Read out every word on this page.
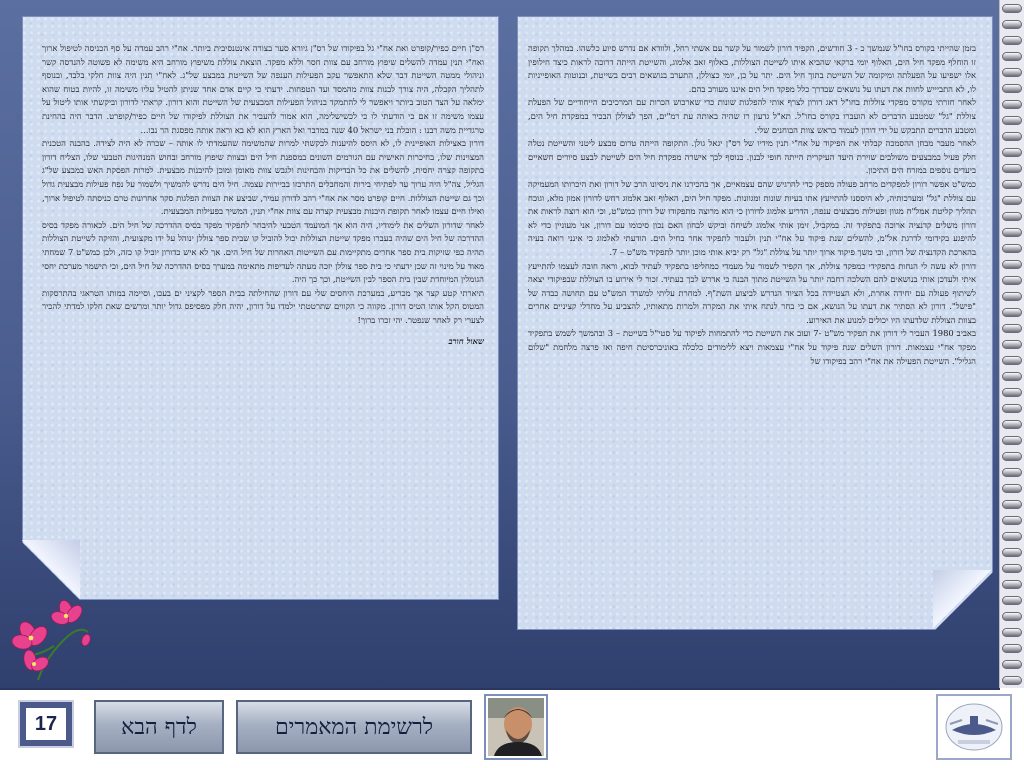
רס"ן חיים כפיר/קופרט ואת אח"י גל בפיקודו של רס"ן גיורא סער בצורה אינטנסיבית ביותר. אח"י רהב עמדה על סף הכניסה לטיפול ארוך ואח"י תנין עמדה להשלים שיפוץ מורחב עם צוות חסר וללא מפקד. הוצאת צוללת משיפוץ מורחב היא משימה לא פשוטה להנדסה קשר וניהולי ממטה השייטת דבר שלא התאפשר עקב הפעילות הענפה של השייטת במבצע של"ג. לאח"י תנין היה צוות חלקי בלבד, ובנוסף לתהליך הקבלה, היה צורך לבנות צוות מהמסד ועד הטפחות. ידעתי כי קיים אדם אחד שניתן להטיל עליו משימה זו, להיות בטוח שהוא ימלאה על הצד הטוב ביותר ויאפשר לי להתמקד בניהול הפעילות המבצעית של השייטת והוא דורון. קראתי לדורון וביקשתי אותו ליטול על עצמו משימה זו אם כי הודעתי לו כי לכשישלימה, הוא אמור להעביר את הצוללת לפיקודו של חיים כפיר/קופרט. הדבר היה בהחינת טרגדיית משה רבנו : הובלת בני ישראל 40 שנה במדבר ואל הארץ הוא לא בא וראה אותה מפסגת הר נבו...

דורון באצילות האופיינית לו, לא היסס להיענות לבקשתי למרות שהמשימה שהעמדתי לו אותה – שכרה לא היה לצידה. בהבנה הטכנית המצוינות שלו, בחיכרות האישית עם הגורמים השונים במספנת חיל הים ובצוות שיפוץ מורחב ובחוש המנהיגות הטבעי שלו, הצליח דורון בתקופה קצרה יחסית, להשלים את כל הבדיקות והבחינות ולגבש צוות מאומן ומוכן להיבנות מבצעית. למרות הפסקת האש במבצע של"ג הגליל, צה"ל היה ערוך עד לפתיחי בירות והמחבלים התרכזו בביירות עצמה. חיל הים נדרש להמשיך ולשמור על נפח פעילות מבצעית גדול וכך גם שייטת הצוללות. חיים קופרט מסר את אח"י רהב לדורון עמיר, שביצע את הצוות הפלגות סקר אחרונות טרם כניסתה לטיפול ארוך, ואילו חיים עצמו לאחר תקופת היבנות מבצעית קצרה עם צוות אח"י תנין, המשיך בפעילות המבצעית.

לאחר שדורון השלים את לימודיו, היה הוא אך המועמד הטבעי להיבחר לתפקיד מפקד בסיס ההדרכה של חיל הים. לכאורה מפקד בסיס ההדרכה של חיל הים שהיה בעברו מפקד שייטת הצוללות יכול להוביל קו שבית ספר צוללן ינוהל על ידו מקצועית, והזיקה לשייטת הצוללות תהיה כפי שזיקות בית ספר אחרים מתקיימות עם השייטות האחרות של חיל הים. אך לא איש כדורון יוביל קו כזה, ולכן כמש"ט 7 שמחתי מאוד על מינוי זה שכן ידעתי כי בית ספר צוללן יזכה מעתה לעדיפות מתאימה במערך בסיס ההדרכה של חיל הים, וכי תישמר מערכת יחסי הגומלין המיוחדת שבין בית הספר לבין השייטת, וכך כך היה.

תיארתי קטע קצר אך מכריע, במערכת היחסים שלי עם דורון שהחילתה בבית הספר לקציני ים בעכו, וסיימה במותו הטראגי בהתרסקות המטוס הקל אותו הטיס דורון. מקווה כי הקווים שתרטטתי ילמדו על דורון, יהיה חלק מפסיפס גדול יותר ומרשים שאת חלקו למדתי להכיר לצערי רק לאחר שנפטר. יהי זכרו ברוך!

שאול חורב

בזמן שהייתי בקורס בחו"ל שנמשך כ - 3 חודשים, הקפיד דורון לשמור על קשר עם אשתי רחל, ולוודא אם נדרש סיוע כלשהו. במהלך תקופה זו הוחלף מפקד חיל הים, האלוף יומי ברקאי שהביא איתו לשייטת הצוללות, באלוף זאב אלמוג, והשייטת הייתה דרוכה לראות כיצד חילופין אלו ישפיעו על הפעלתה ומיקומה של השייטת בתוך חיל הים. יתר על כן, יומי כצוללן, התערב בנושאים רבים בשייטת, ובנוטות האופייניות לו, לא התביייש לחוות את דעתו על נושאים שבדרך כלל מפקד חיל הים איננו מעורב בהם.

לאחר חזרתי מקורס מפקדי צוללות בחו"ל דאג דורון לצרף אותי להפלגות שונות כדי שארכוש הכרות עם המרכיבים הייחודיים של הפעלת צוללת "גל" שמטבע הדברים לא הועברו בקורס בחו"ל. תא"ל גדעון רז שהיה באותה עת רמ"ים, הפך לצוללן הבכיר במפקדת חיל הים, ומטבע הדברים התבקש על ידי דורון לעמוד בראש צוות הבוחנים שלי.

לאחר מעבר מבחן ההסמכה קבלתי את הפיקוד על אח"י תנין מידיו של רס"ן יגאל גולן. התקופה הייתה טרום מבצע ליטני והשייטת נטלה חלק פעיל במבצעים משולבים שזירת היעד העיקרית הייתה חופי לבנון. בנוסף לכך אישרה מפקדת חיל הים לשייטת לבצע סיורים חשאיים ביעדים נוספים במזרח הים התיכון.

כמש"ט אפשר דורון למפקדים מרחב פעולה מספק כדי להרגיש שהם עצמאיים, אך בהכירנו את ניסיונו הרב של דורון ואת היכרותו המעמיקה עם צוללת "גל" ומערכותיה, לא היססנו להתייעץ אתו בעיות שונות ומגוונות. מפקד חיל הים, האלוף זאב אלמוג רחש לדורון אמון מלא, וגוכח תהליך קליטת אמל"ח מגוון ופעילות מבצעים ענפה, הדריע אלמוג לדורון כי הוא מרוצה מתפקודו של דורון כמש"ט, וכי הוא רוצה לראות את דורון משלים קדנציה ארוכה בתפקיד זה. במקביל, זימן אותי אלמוג לשיחה וביקש לבחון האם נכון סיכומו עם דורון, אני מעוניין כדי לא להיפגע בקידומי לדרגת אל"מ, להשלים שנת פיקוד על אח"י תנין ולעבור לתפקיד אחר בחיל הים. הודעתי לאלמוג כי אינני רואה בעיה בהארכת הקדנציה של דורון, וכי משך פיקוד ארוך יותר על צוללת "גל" רק יביא אותי מוכן יותר לתפקיד מש"ט – 7.

דורון לא עשה לי הנחות בתפקידי כמפקד צוללת, אך הקפיד לשמור על מעמדי כמחליפו בתפקיד לעתיד לבוא, וראה חובה לעצמו להתייעץ איתי ולעדכן אותי בנושאים להם השלכה רחבה יותר על השייטת מתוך הבנה כי אדרש לכך בעתיד. זכור לי אירוע בו הצוללת שבפיקודי יצאה לשיתוף פעולה עם יחידה אחרת, ולא הצטיידה בכל הציוד הנדרש לביצוע השת"ף. למחרת עליתי למשרד המש"ט עם תחושה כבדה של "פישל". דורון לא הסתיר את דעתו על הנושא, אם כי בחר לנתח איתי את המקרה ולמרות מתאותיו, להצביע על מחדלי קציניים אחרים בצוות הצוללת שלדעתו היו יכולים למנוע את האירוע.

באביב 1980 העביר לי דורון את תפקיד מש"ט -7 ועזב את השייטת כדי להתמחות לפיקוד על סטי"ל בשייטת – 3 ובהמשך לשמש בתפקיד מפקד אח"י עצמאות. דורון השלים שנת פיקוד על אח"י עצמאות ויצא ללימודים כלכלה באוניברסיטת חיפה ואז פרצה מלחמת "שלום הגליל". השייטת הפעילה את אח"י רהב בפיקודו של

17	לדף הבא	לרשימת המאמרים
